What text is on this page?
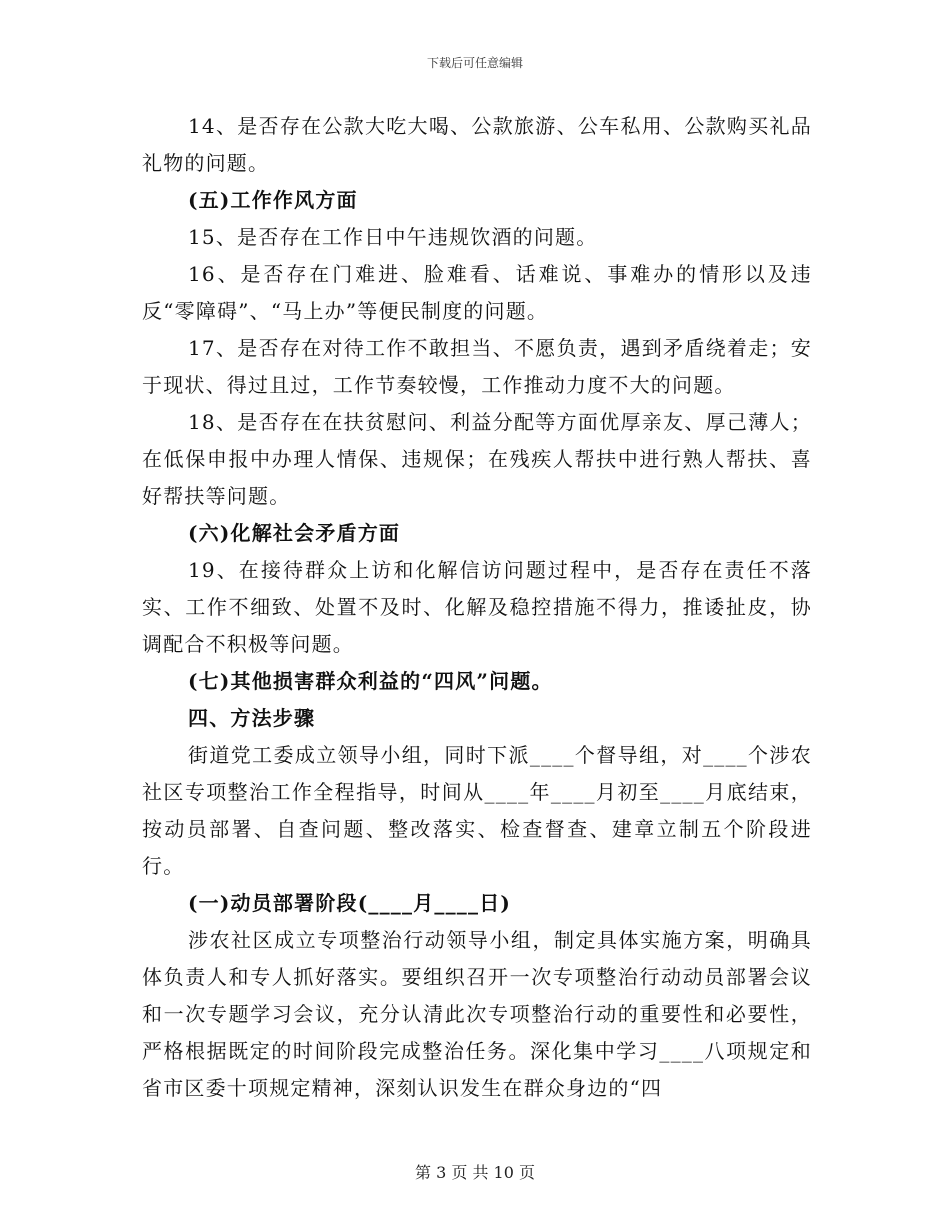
下载后可任意编辑

14、是否存在公款大吃大喝、公款旅游、公车私用、公款购买礼品礼物的问题。

(五)工作作风方面

15、是否存在工作日中午违规饮酒的问题。

16、是否存在门难进、脸难看、话难说、事难办的情形以及违反“零障碍”、“马上办”等便民制度的问题。

17、是否存在对待工作不敢担当、不愿负责，遇到矛盾绕着走；安于现状、得过且过，工作节奏较慢，工作推动力度不大的问题。

18、是否存在在扶贫慰问、利益分配等方面优厚亲友、厚己薄人；在低保申报中办理人情保、违规保；在残疾人帮扶中进行熟人帮扶、喜好帮扶等问题。

(六)化解社会矛盾方面

19、在接待群众上访和化解信访问题过程中，是否存在责任不落实、工作不细致、处置不及时、化解及稳控措施不得力，推诿扯皮，协调配合不积极等问题。

(七)其他损害群众利益的“四风”问题。

四、方法步骤

街道党工委成立领导小组，同时下派____个督导组，对____个涉农社区专项整治工作全程指导，时间从____年____月初至____月底结束，按动员部署、自查问题、整改落实、检查督查、建章立制五个阶段进行。

(一)动员部署阶段(____月____日)

涉农社区成立专项整治行动领导小组，制定具体实施方案，明确具体负责人和专人抓好落实。要组织召开一次专项整治行动动员部署会议和一次专题学习会议，充分认清此次专项整治行动的重要性和必要性，严格根据既定的时间阶段完成整治任务。深化集中学习____八项规定和省市区委十项规定精神，深刻认识发生在群众身边的“四

第 3 页 共 10 页
